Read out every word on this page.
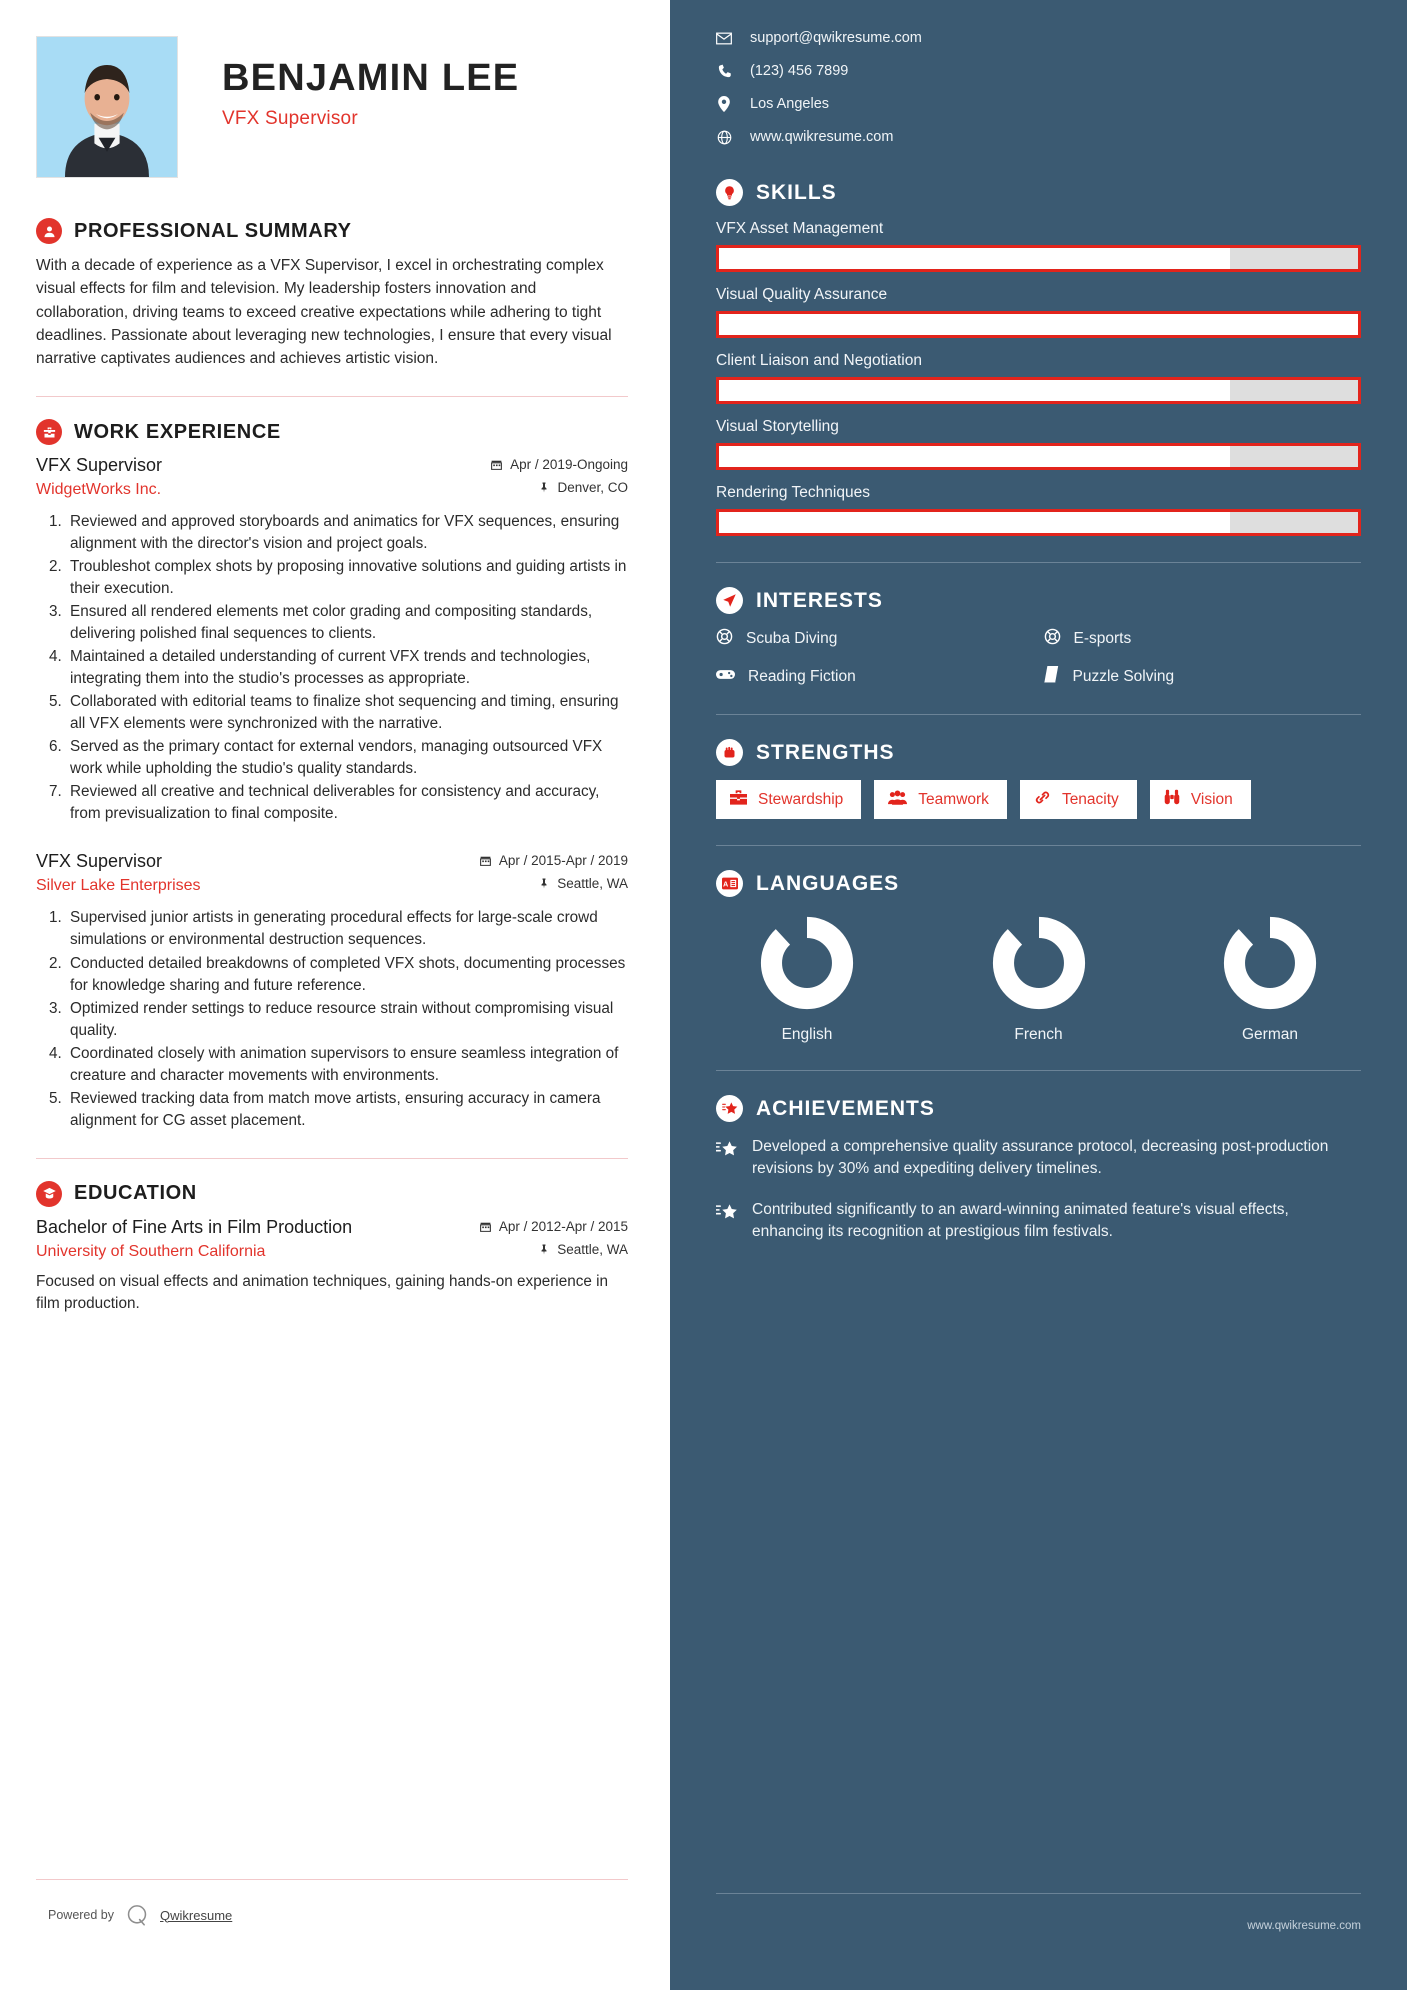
BENJAMIN LEE
VFX Supervisor
PROFESSIONAL SUMMARY
With a decade of experience as a VFX Supervisor, I excel in orchestrating complex visual effects for film and television. My leadership fosters innovation and collaboration, driving teams to exceed creative expectations while adhering to tight deadlines. Passionate about leveraging new technologies, I ensure that every visual narrative captivates audiences and achieves artistic vision.
WORK EXPERIENCE
VFX Supervisor	Apr / 2019-Ongoing
WidgetWorks Inc.	Denver, CO
1. Reviewed and approved storyboards and animatics for VFX sequences, ensuring alignment with the director's vision and project goals.
2. Troubleshot complex shots by proposing innovative solutions and guiding artists in their execution.
3. Ensured all rendered elements met color grading and compositing standards, delivering polished final sequences to clients.
4. Maintained a detailed understanding of current VFX trends and technologies, integrating them into the studio's processes as appropriate.
5. Collaborated with editorial teams to finalize shot sequencing and timing, ensuring all VFX elements were synchronized with the narrative.
6. Served as the primary contact for external vendors, managing outsourced VFX work while upholding the studio's quality standards.
7. Reviewed all creative and technical deliverables for consistency and accuracy, from previsualization to final composite.
VFX Supervisor	Apr / 2015-Apr / 2019
Silver Lake Enterprises	Seattle, WA
1. Supervised junior artists in generating procedural effects for large-scale crowd simulations or environmental destruction sequences.
2. Conducted detailed breakdowns of completed VFX shots, documenting processes for knowledge sharing and future reference.
3. Optimized render settings to reduce resource strain without compromising visual quality.
4. Coordinated closely with animation supervisors to ensure seamless integration of creature and character movements with environments.
5. Reviewed tracking data from match move artists, ensuring accuracy in camera alignment for CG asset placement.
EDUCATION
Bachelor of Fine Arts in Film Production	Apr / 2012-Apr / 2015
University of Southern California	Seattle, WA
Focused on visual effects and animation techniques, gaining hands-on experience in film production.
Powered by	Qwikresume
support@qwikresume.com
(123) 456 7899
Los Angeles
www.qwikresume.com
SKILLS
VFX Asset Management
Visual Quality Assurance
Client Liaison and Negotiation
Visual Storytelling
Rendering Techniques
INTERESTS
Scuba Diving	E-sports
Reading Fiction	Puzzle Solving
STRENGTHS
Stewardship	Teamwork	Tenacity	Vision
A LANGUAGES
English	French	German
ACHIEVEMENTS
Developed a comprehensive quality assurance protocol, decreasing post-production revisions by 30% and expediting delivery timelines.
Contributed significantly to an award-winning animated feature's visual effects, enhancing its recognition at prestigious film festivals.
www.qwikresume.com
